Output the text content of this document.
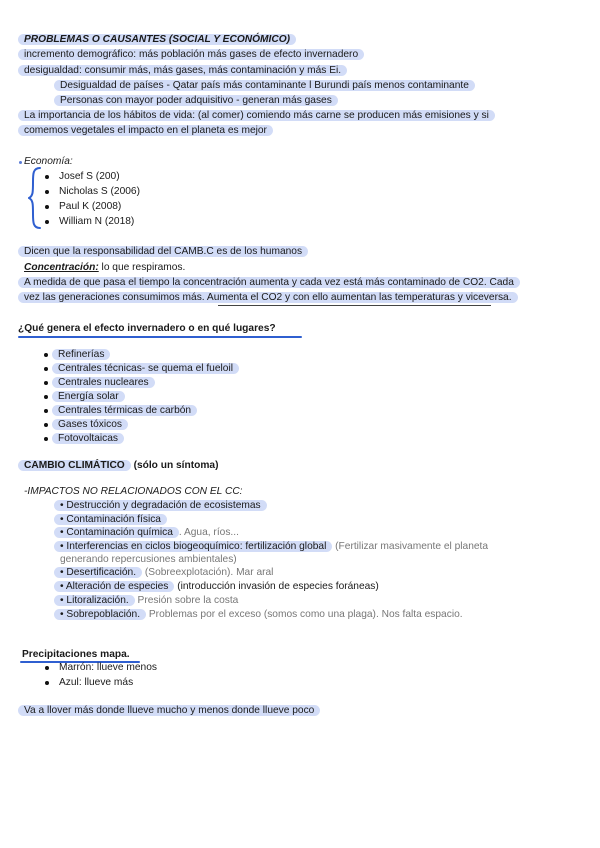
PROBLEMAS O CAUSANTES (SOCIAL Y ECONÓMICO)
incremento demográfico: más población más gases de efecto invernadero
desigualdad: consumir más, más gases, más contaminación y más Ei.
Desigualdad de países - Qatar país más contaminante l Burundi país menos contaminante
Personas con mayor poder adquisitivo - generan más gases
La importancia de los hábitos de vida: (al comer) comiendo más carne se producen más emisiones y si
comemos vegetales el impacto en el planeta es mejor
Economía:
Josef S (200)
Nicholas S (2006)
Paul K (2008)
William N (2018)
Dicen que la responsabilidad del CAMB.C es de los humanos
Concentración: lo que respiramos.
A medida de que pasa el tiempo la concentración aumenta y cada vez está más contaminado de CO2. Cada
vez las generaciones consumimos más. Aumenta el CO2 y con ello aumentan las temperaturas y viceversa.
¿Qué genera el efecto invernadero o en qué lugares?
Refinerías
Centrales técnicas- se quema el fueloil
Centrales nucleares
Energía solar
Centrales térmicas de carbón
Gases tóxicos
Fotovoltaicas
CAMBIO CLIMÁTICO (sólo un síntoma)
-IMPACTOS NO RELACIONADOS CON EL CC:
• Destrucción y degradación de ecosistemas
• Contaminación física
• Contaminación química . Agua, ríos...
• Interferencias en ciclos biogeoquímico: fertilización global (Fertilizar masivamente el planeta
generando repercusiones ambientales)
• Desertificación. (Sobreexplotación). Mar aral
• Alteración de especies (introducción invasión de especies foráneas)
• Litoralización. Presión sobre la costa
• Sobrepoblación. Problemas por el exceso (somos como una plaga). Nos falta espacio.
Precipitaciones mapa.
Marrón: llueve menos
Azul: llueve más
Va a llover más donde llueve mucho y menos donde llueve poco
